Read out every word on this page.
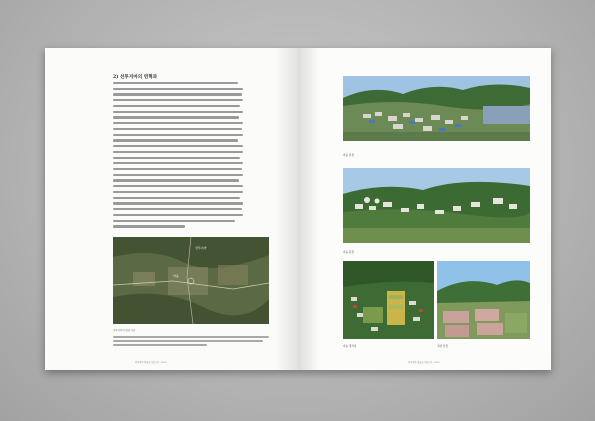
2) 선투지마의 연혁과
선투지마
마을
선투지마의 위성 사진
선투지마 학술조사보고서 · 2023
마을 전경
마을 원경
마을 경작지	주변 전경
선투지마 학술조사보고서 · 2023
